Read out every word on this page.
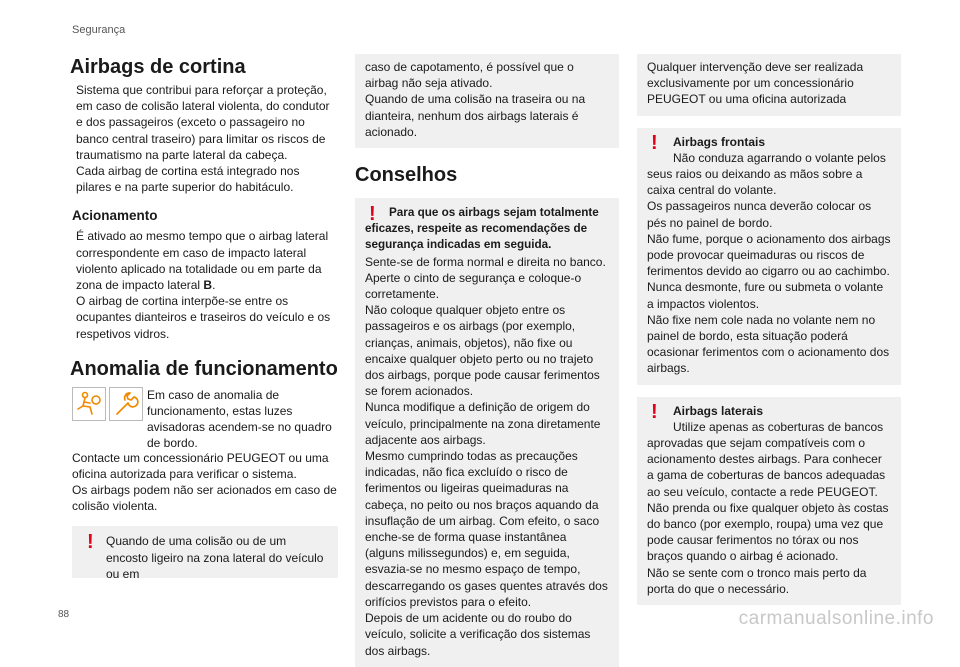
Segurança
Airbags de cortina

Sistema que contribui para reforçar a proteção, em caso de colisão lateral violenta, do condutor e dos passageiros (exceto o passageiro no banco central traseiro) para limitar os riscos de traumatismo na parte lateral da cabeça.

Cada airbag de cortina está integrado nos pilares e na parte superior do habitáculo.

Acionamento

É ativado ao mesmo tempo que o airbag lateral correspondente em caso de impacto lateral violento aplicado na totalidade ou em parte da zona de impacto lateral B.

O airbag de cortina interpõe-se entre os ocupantes dianteiros e traseiros do veículo e os respetivos vidros.

Anomalia de funcionamento

Em caso de anomalia de funcionamento, estas luzes avisadoras acendem-se no quadro de bordo.

Contacte um concessionário PEUGEOT ou uma oficina autorizada para verificar o sistema.

Os airbags podem não ser acionados em caso de colisão violenta.

! Quando de uma colisão ou de um encosto ligeiro na zona lateral do veículo ou em

caso de capotamento, é possível que o airbag não seja ativado.

Quando de uma colisão na traseira ou na dianteira, nenhum dos airbags laterais é acionado.

Conselhos
!	Para que os airbags sejam totalmente eficazes, respeite as recomendações de segurança indicadas em seguida.

Sente-se de forma normal e direita no banco.

Aperte o cinto de segurança e coloque-o corretamente.

Não coloque qualquer objeto entre os passageiros e os airbags (por exemplo, crianças, animais, objetos), não fixe ou encaixe qualquer objeto perto ou no trajeto dos airbags, porque pode causar ferimentos se forem acionados.

Nunca modifique a definição de origem do veículo, principalmente na zona diretamente adjacente aos airbags.

Mesmo cumprindo todas as precauções indicadas, não fica excluído o risco de ferimentos ou ligeiras queimaduras na cabeça, no peito ou nos braços aquando da insuflação de um airbag. Com efeito, o saco enche-se de forma quase instantânea (alguns milissegundos) e, em seguida, esvazia-se no mesmo espaço de tempo, descarregando os gases quentes através dos orifícios previstos para o efeito.

Depois de um acidente ou do roubo do veículo, solicite a verificação dos sistemas dos airbags.

Qualquer intervenção deve ser realizada exclusivamente por um concessionário PEUGEOT ou uma oficina autorizada

!	Airbags frontais

Não conduza agarrando o volante pelos seus raios ou deixando as mãos sobre a caixa central do volante.

Os passageiros nunca deverão colocar os pés no painel de bordo.

Não fume, porque o acionamento dos airbags pode provocar queimaduras ou riscos de ferimentos devido ao cigarro ou ao cachimbo.

Nunca desmonte, fure ou submeta o volante a impactos violentos.

Não fixe nem cole nada no volante nem no painel de bordo, esta situação poderá ocasionar ferimentos com o acionamento dos airbags.

!	Airbags laterais

Utilize apenas as coberturas de bancos aprovadas que sejam compatíveis com o acionamento destes airbags. Para conhecer a gama de coberturas de bancos adequadas ao seu veículo, contacte a rede PEUGEOT.

Não prenda ou fixe qualquer objeto às costas do banco (por exemplo, roupa) uma vez que pode causar ferimentos no tórax ou nos braços quando o airbag é acionado.

Não se sente com o tronco mais perto da porta do que o necessário.

88	carmanualsonline.info
